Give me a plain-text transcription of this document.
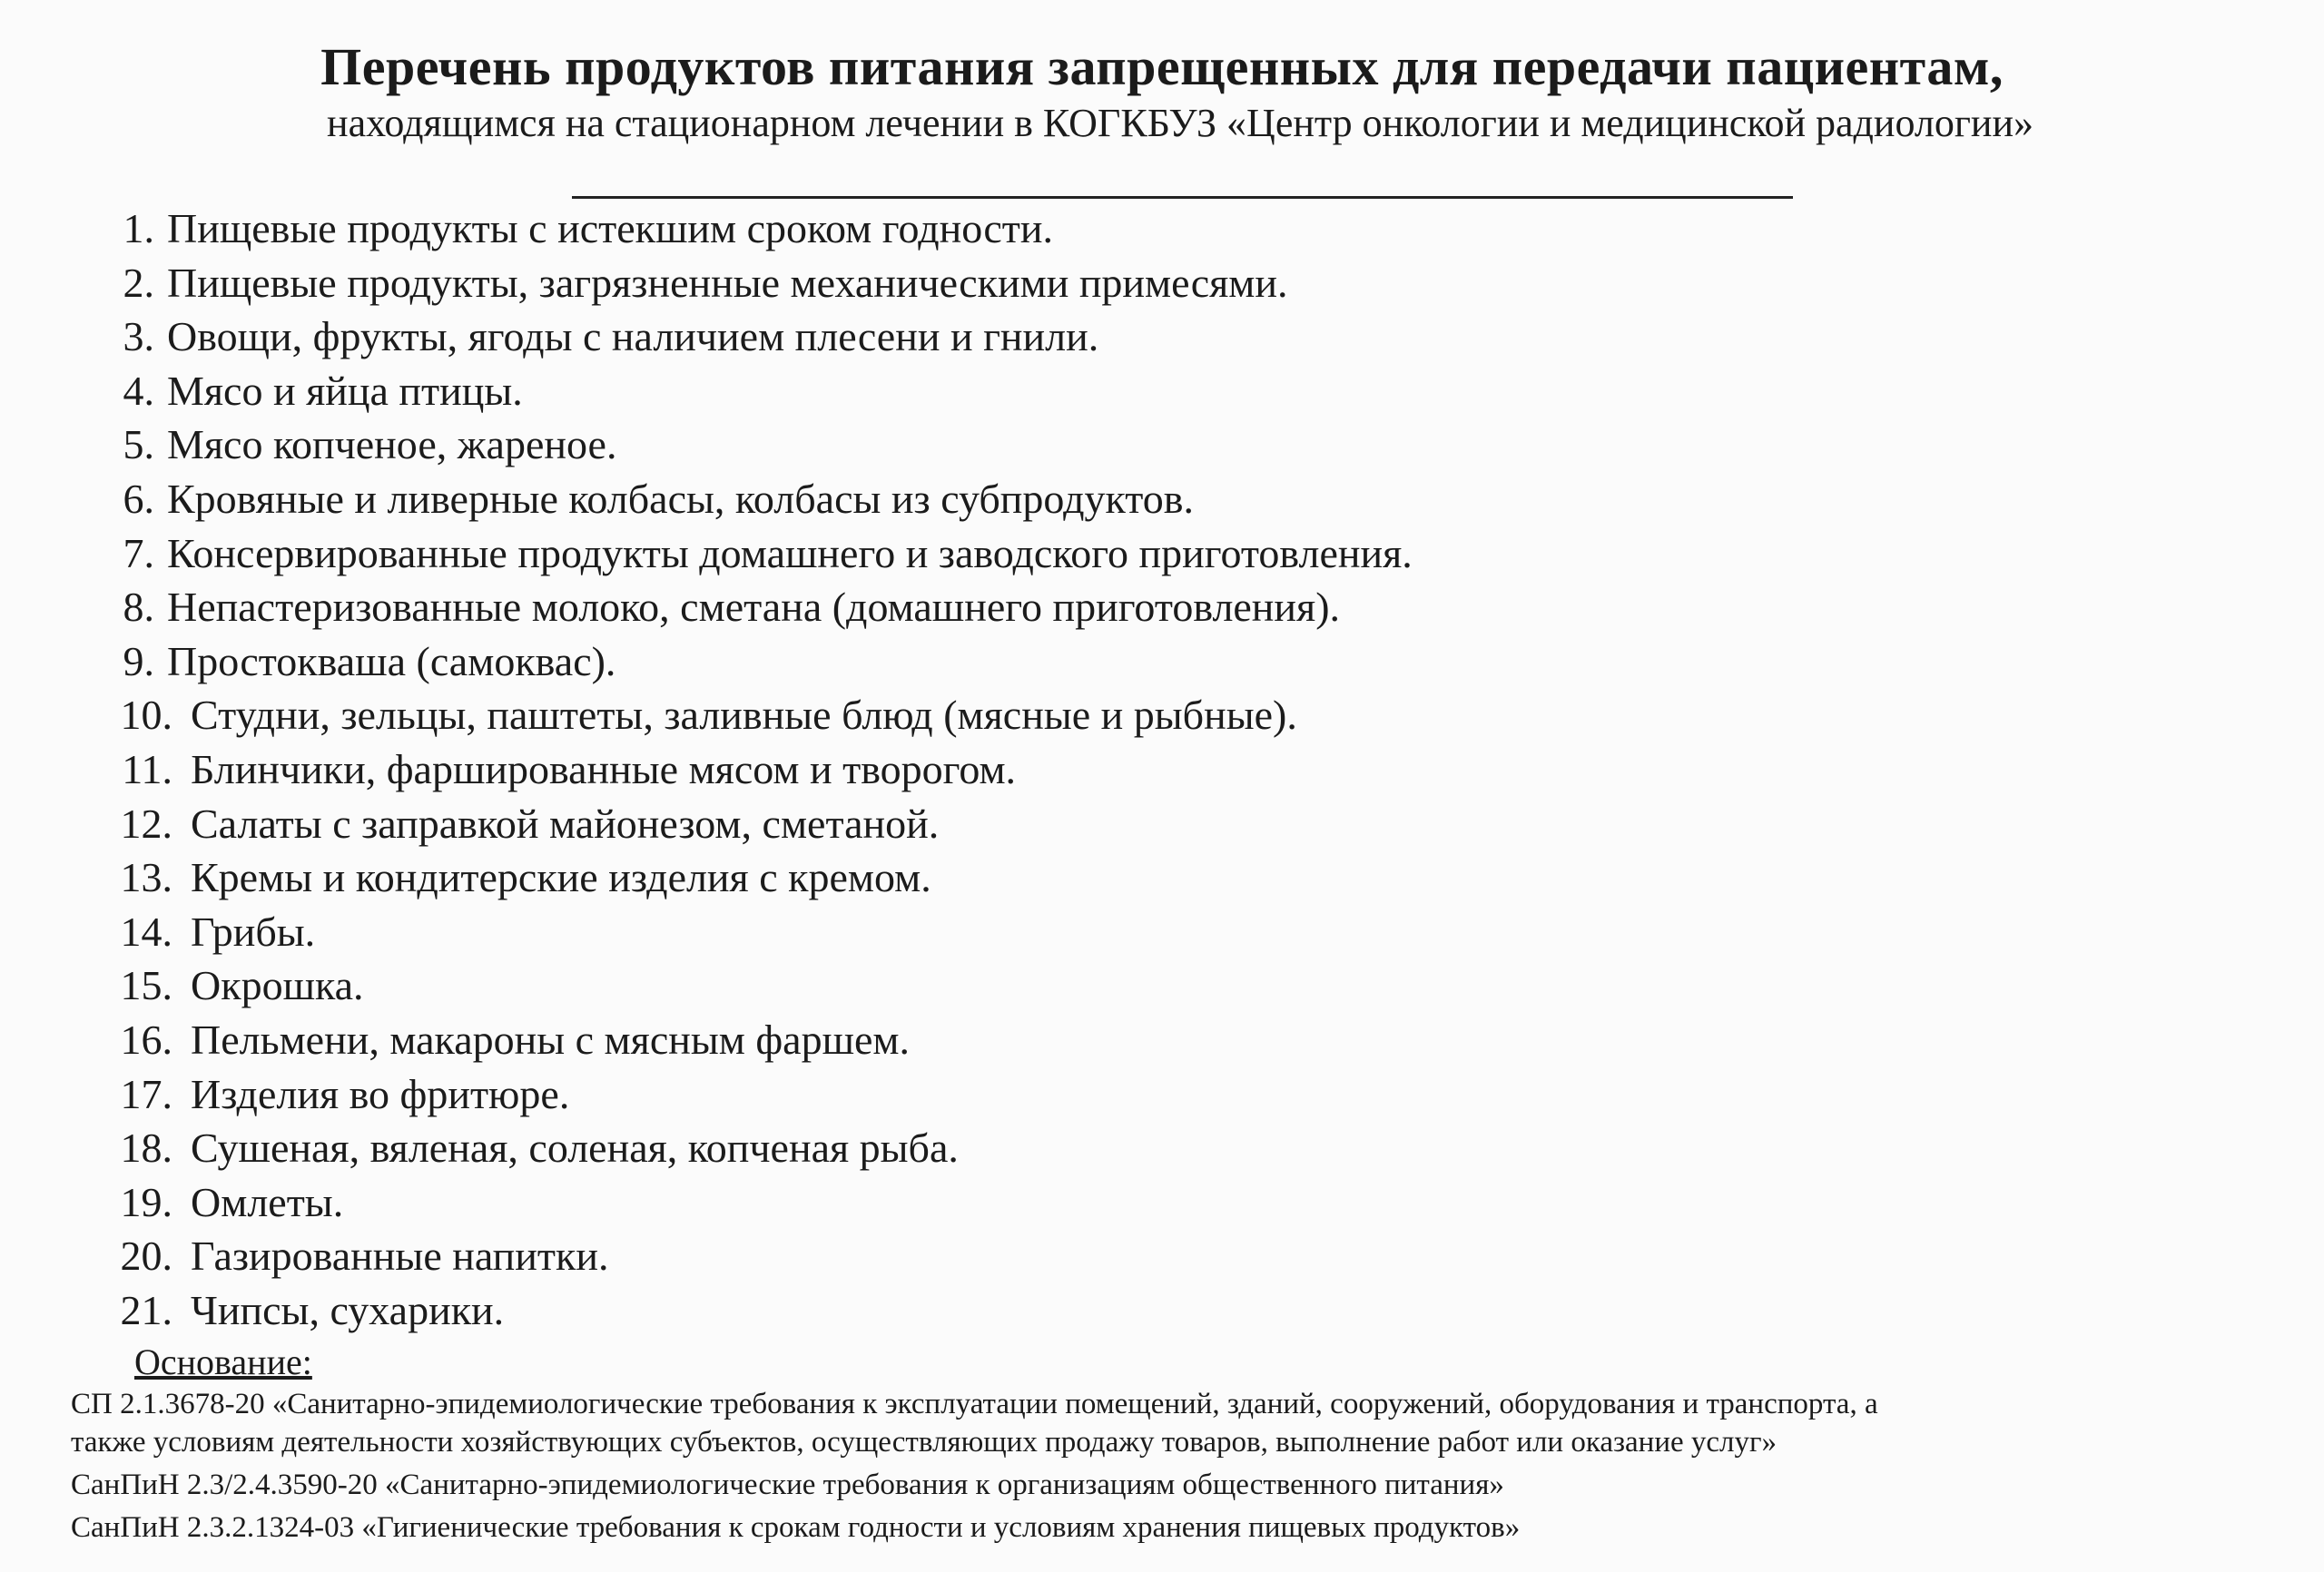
Перечень продуктов питания запрещенных для передачи пациентам,
находящимся на стационарном лечении в КОГКБУЗ «Центр онкологии и медицинской радиологии»
1. Пищевые продукты с истекшим сроком годности.
2. Пищевые продукты, загрязненные механическими примесями.
3. Овощи, фрукты, ягоды с наличием плесени и гнили.
4. Мясо и яйца птицы.
5. Мясо копченое, жареное.
6. Кровяные и ливерные колбасы, колбасы из субпродуктов.
7. Консервированные продукты домашнего и заводского приготовления.
8. Непастеризованные молоко, сметана (домашнего приготовления).
9. Простокваша (самоквас).
10. Студни, зельцы, паштеты, заливные блюд (мясные и рыбные).
11. Блинчики, фаршированные мясом и творогом.
12. Салаты с заправкой майонезом, сметаной.
13. Кремы и кондитерские изделия с кремом.
14. Грибы.
15. Окрошка.
16. Пельмени, макароны с мясным фаршем.
17. Изделия во фритюре.
18. Сушеная, вяленая, соленая, копченая рыба.
19. Омлеты.
20. Газированные напитки.
21. Чипсы, сухарики.
Основание:
СП 2.1.3678-20 «Санитарно-эпидемиологические требования к эксплуатации помещений, зданий, сооружений, оборудования и транспорта, а
также условиям деятельности хозяйствующих субъектов, осуществляющих продажу товаров, выполнение работ или оказание услуг»
СанПиН 2.3/2.4.3590-20 «Санитарно-эпидемиологические требования к организациям общественного питания»
СанПиН 2.3.2.1324-03 «Гигиенические требования к срокам годности и условиям хранения пищевых продуктов»
